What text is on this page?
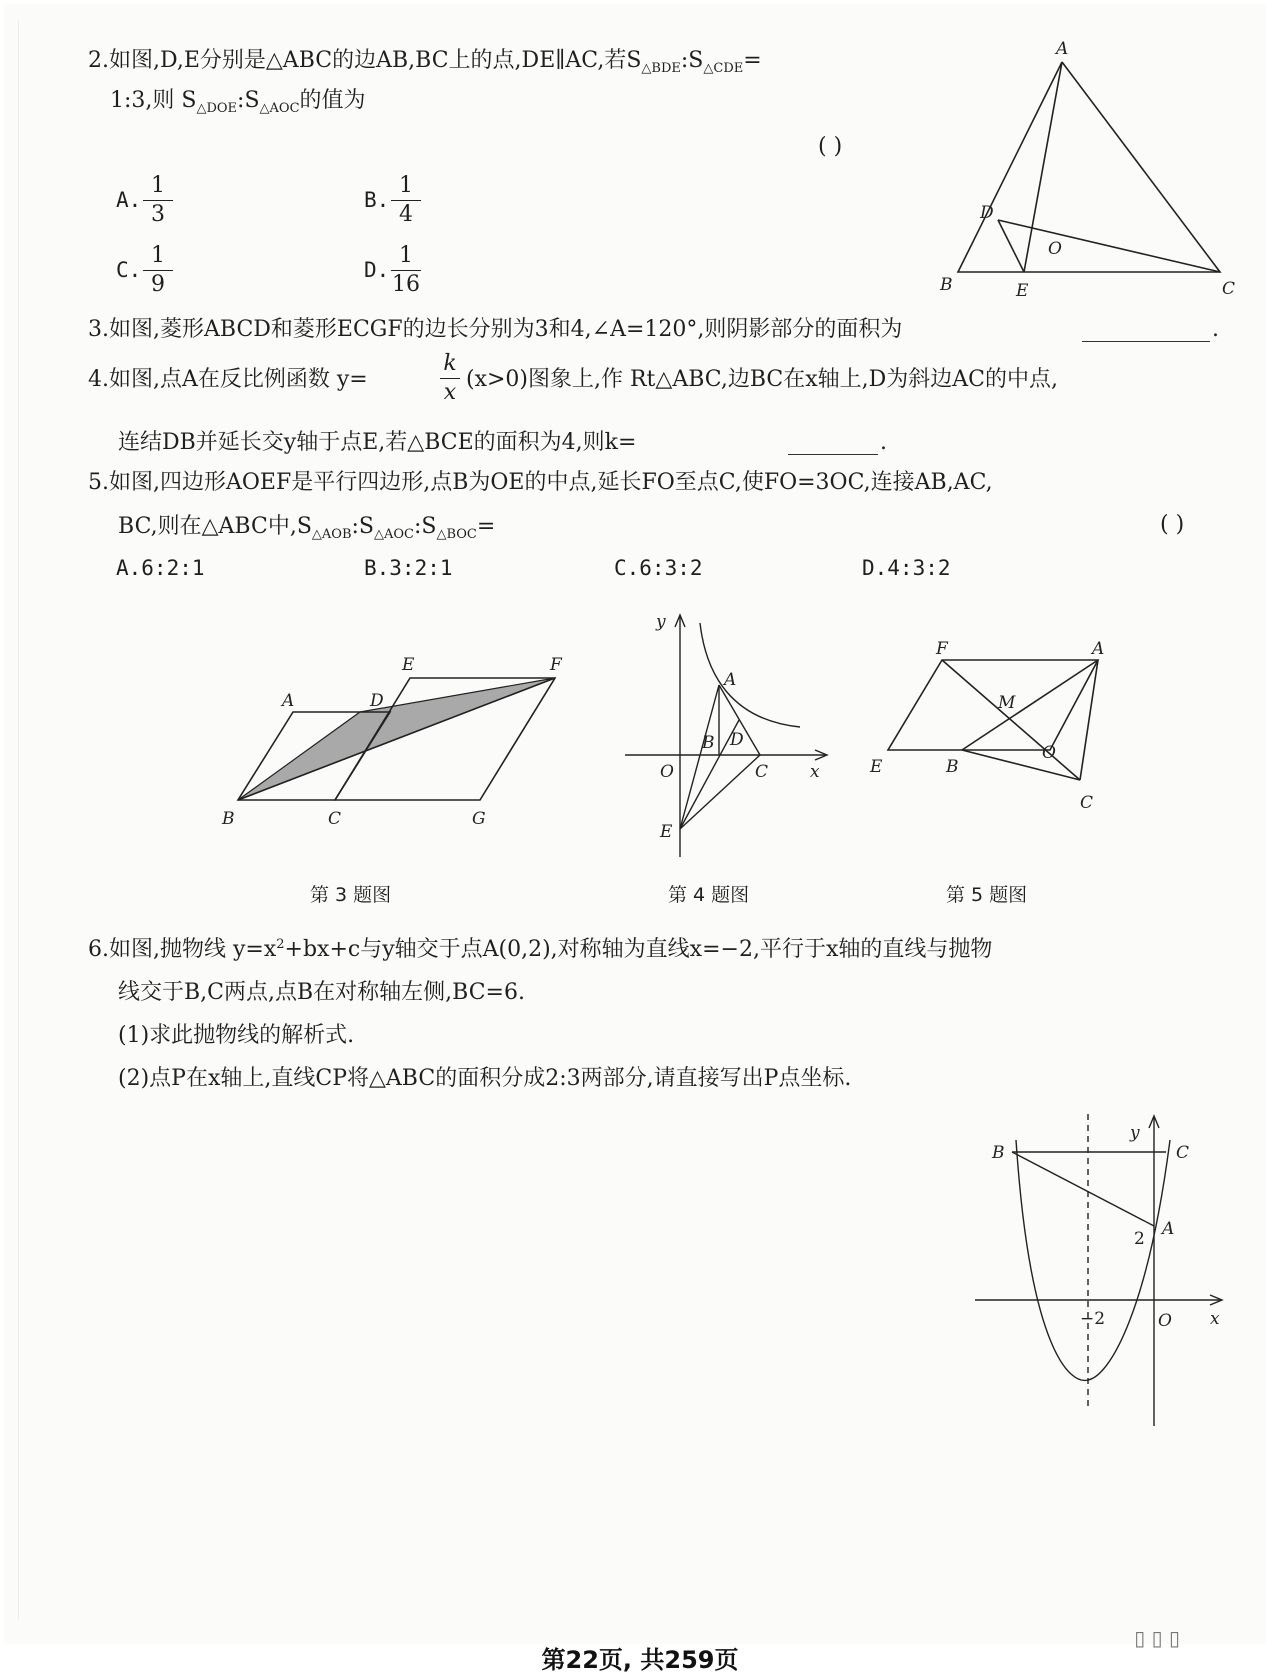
2.如图,D,E分别是△ABC的边AB,BC上的点,DE∥AC,若$S_{\triangle BDE}:S_{\triangle CDE}=$
1:3,则 $S_{\triangle DOE}:S_{\triangle AOC}$的值为
( )
A.
1
3
B.
1
4
C.
1
9
D.
1
16
A
D
O
B	E	C
3.如图,菱形ABCD和菱形ECGF的边长分别为3和4,∠A=120°,则阴影部分的面积为	.
4.如图,点A在反比例函数 y=
k
x
(x>0)图象上,作 Rt△ABC,边BC在x轴上,D为斜边AC的中点,
连结DB并延长交y轴于点E,若△BCE的面积为4,则k=	.
5.如图,四边形AOEF是平行四边形,点B为OE的中点,延长FO至点C,使FO=3OC,连接AB,AC,
BC,则在△ABC中$,S_{\triangle AOB}:S_{\triangle AOC}:S_{\triangle BOC}=$	( )
A.6:2:1	B.3:2:1	C.6:3:2	D.4:3:2
A	D
E	F
B	C	G
第 3 题图
y
A
B D
O	C x
E
第 4 题图
F	A
M
O
E	B
C
第 5 题图
6.如图,抛物线 $y=x^2+bx+c$与y轴交于点A(0,2),对称轴为直线x=−2,平行于x轴的直线与抛物
线交于B,C两点,点B在对称轴左侧,BC=6.
(1)求此抛物线的解析式.
(2)点P在x轴上,直线CP将△ABC的面积分成2:3两部分,请直接写出P点坐标.
B
y
C
A
2
−2	O x
第22页, 共259页
▯ ▯ ▯
